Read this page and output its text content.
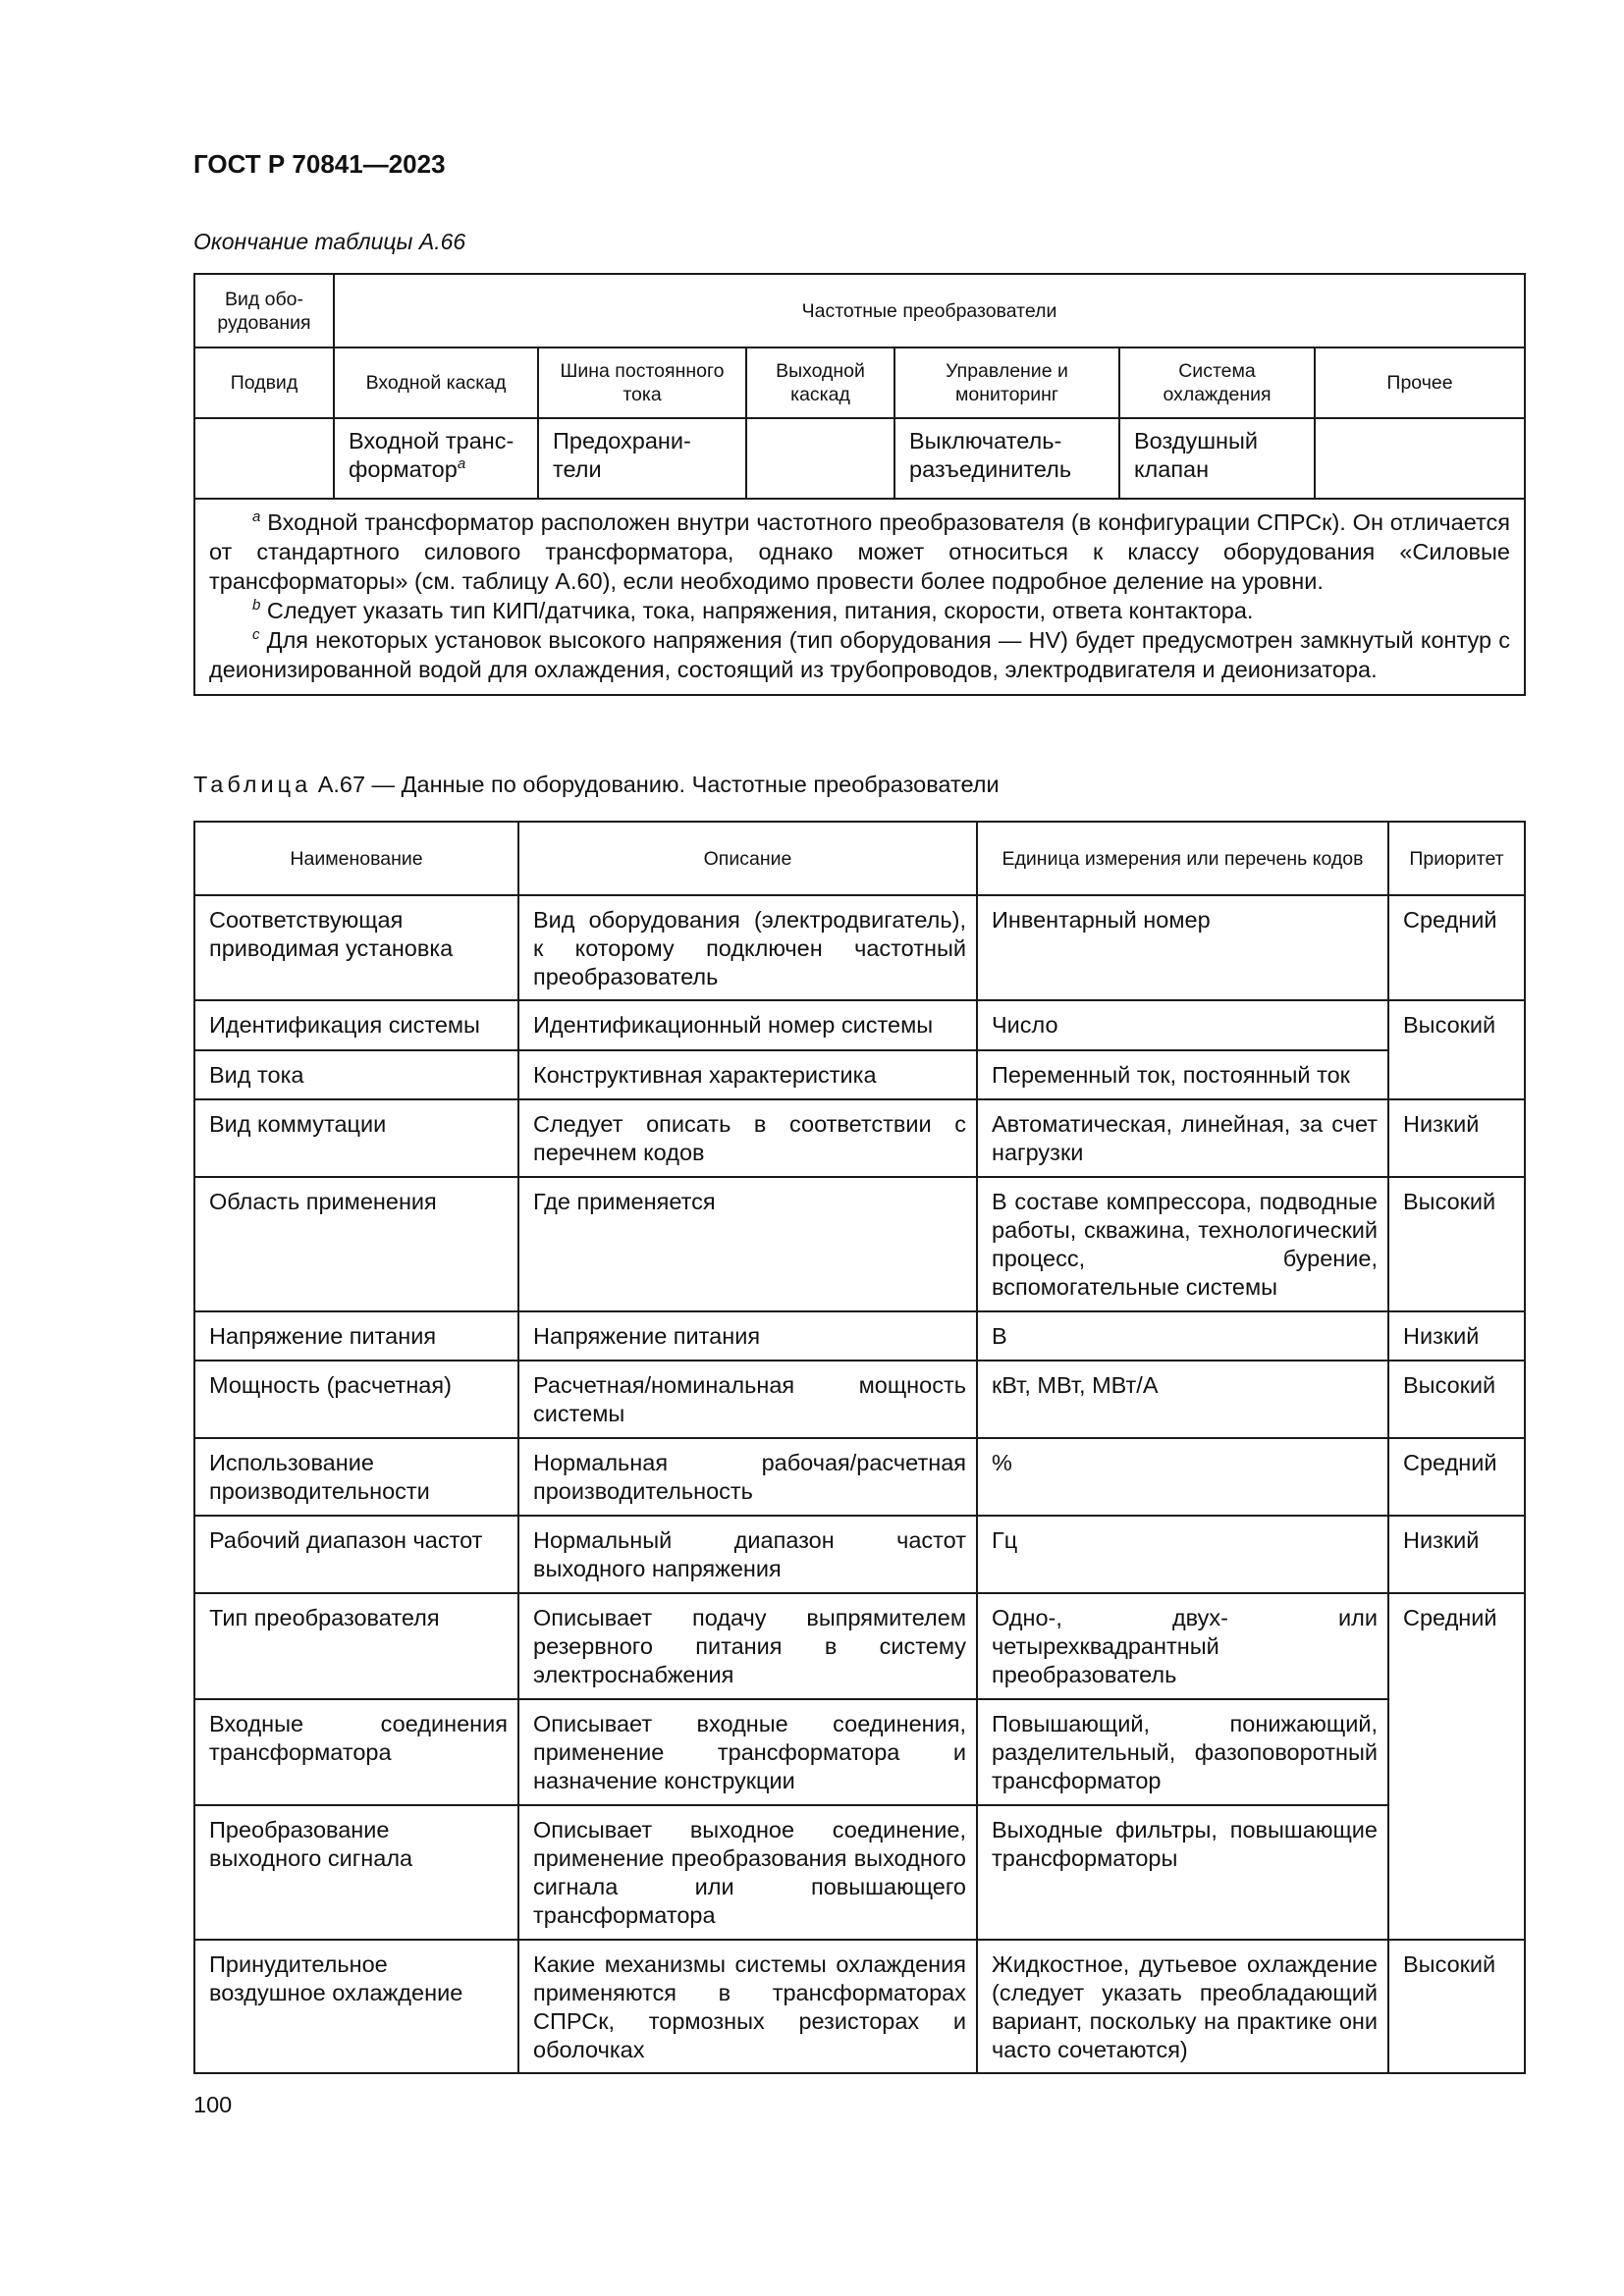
ГОСТ Р 70841—2023
Окончание таблицы А.66
Вид обо-рудования	Частотные преобразователи					
Подвид	Входной каскад	Шина постоянного тока	Выходной каскад	Управление и мониторинг	Система охлаждения	Прочее
	Входной транс-форматор$^a$	Предохрани-тели		Выключатель-разъединитель	Воздушный клапан	

$^a$ Входной трансформатор расположен внутри частотного преобразователя (в конфигурации СПРСк). Он отличается от стандартного силового трансформатора, однако может относиться к классу оборудования «Силовые трансформаторы» (см. таблицу А.60), если необходимо провести более подробное деление на уровни.
$^b$ Следует указать тип КИП/датчика, тока, напряжения, питания, скорости, ответа контактора.
$^c$ Для некоторых установок высокого напряжения (тип оборудования — HV) будет предусмотрен замкнутый контур с деионизированной водой для охлаждения, состоящий из трубопроводов, электродвигателя и деионизатора.						
Таблица А.67 — Данные по оборудованию. Частотные преобразователи
Наименование	Описание	Единица измерения или перечень кодов	Приоритет
Соответствующая приводимая установка	Вид оборудования (электродвигатель), к которому подключен частотный преобразователь	Инвентарный номер	Средний
Идентификация системы	Идентификационный номер системы	Число	Высокий
Вид тока	Конструктивная характеристика	Переменный ток, постоянный ток	
Вид коммутации	Следует описать в соответствии с перечнем кодов	Автоматическая, линейная, за счет нагрузки	Низкий
Область применения	Где применяется	В составе компрессора, подводные работы, скважина, технологический процесс, бурение, вспомогательные системы	Высокий
Напряжение питания	Напряжение питания	В	Низкий
Мощность (расчетная)	Расчетная/номинальная мощность системы	кВт, МВт, МВт/А	Высокий
Использование производительности	Нормальная рабочая/расчетная производительность	%	Средний
Рабочий диапазон частот	Нормальный диапазон частот выходного напряжения	Гц	Низкий
Тип преобразователя	Описывает подачу выпрямителем резервного питания в систему электроснабжения	Одно-, двух- или четырехквадрантный преобразователь	Средний
Входные соединения трансформатора	Описывает входные соединения, применение трансформатора и назначение конструкции	Повышающий, понижающий, разделительный, фазоповоротный трансформатор	
Преобразование выходного сигнала	Описывает выходное соединение, применение преобразования выходного сигнала или повышающего трансформатора	Выходные фильтры, повышающие трансформаторы	
Принудительное воздушное охлаждение	Какие механизмы системы охлаждения применяются в трансформаторах СПРСк, тормозных резисторах и оболочках	Жидкостное, дутьевое охлаждение (следует указать преобладающий вариант, поскольку на практике они часто сочетаются)	Высокий
100
